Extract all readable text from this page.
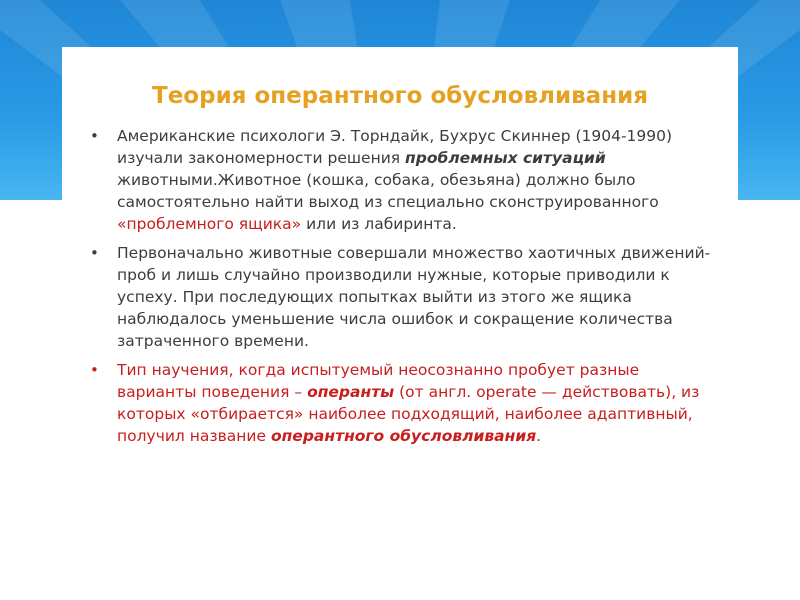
Теория оперантного обусловливания
•	Американские психологи Э. Торндайк, Бухрус Скиннер (1904-1990) изучали закономерности решения проблемных ситуаций животными.Животное (кошка, собака, обезьяна) должно было самостоятельно найти выход из специально сконструированного «проблемного ящика» или из лабиринта.
•	Первоначально животные совершали множество хаотичных движений-проб и лишь случайно производили нужные, которые приводили к успеху. При последующих попытках выйти из этого же ящика наблюдалось уменьшение числа ошибок и сокращение количества затраченного времени.
•	Тип научения, когда испытуемый неосознанно пробует разные варианты поведения – операнты (от англ. operate — действовать), из которых «отбирается» наиболее подходящий, наиболее адаптивный, получил название оперантного обусловливания.
